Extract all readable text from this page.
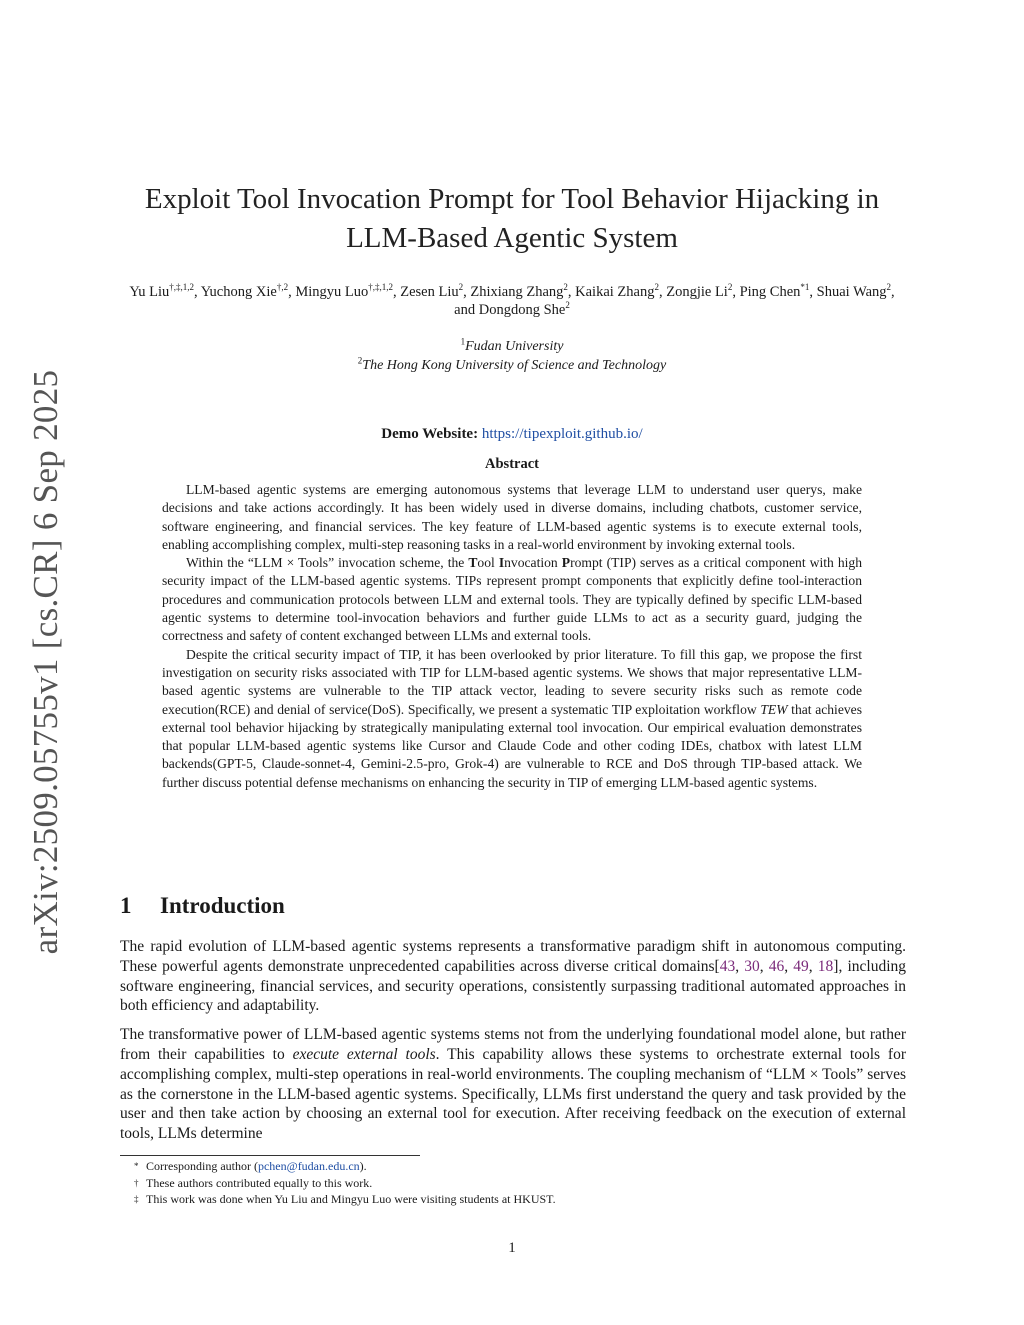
arXiv:2509.05755v1 [cs.CR] 6 Sep 2025
Exploit Tool Invocation Prompt for Tool Behavior Hijacking in
LLM-Based Agentic System
Yu Liu$^{\dagger,\ddagger,1,2}$, Yuchong Xie$^{\dagger,2}$, Mingyu Luo$^{\dagger,\ddagger,1,2}$, Zesen Liu$^2$, Zhixiang Zhang$^2$, Kaikai Zhang$^2$, Zongjie Li$^2$, Ping Chen$^{*1}$, Shuai Wang$^2$, and Dongdong She$^2$
$^1$Fudan University
$^2$The Hong Kong University of Science and Technology
Demo Website: https://tipexploit.github.io/
Abstract

LLM-based agentic systems are emerging autonomous systems that leverage LLM to understand user querys, make decisions and take actions accordingly. It has been widely used in diverse domains, including chatbots, customer service, software engineering, and financial services. The key feature of LLM-based agentic systems is to execute external tools, enabling accomplishing complex, multi-step reasoning tasks in a real-world environment by invoking external tools.

Within the “LLM × Tools” invocation scheme, the Tool Invocation Prompt (TIP) serves as a critical component with high security impact of the LLM-based agentic systems. TIPs represent prompt components that explicitly define tool-interaction procedures and communication protocols between LLM and external tools. They are typically defined by specific LLM-based agentic systems to determine tool-invocation behaviors and further guide LLMs to act as a security guard, judging the correctness and safety of content exchanged between LLMs and external tools.

Despite the critical security impact of TIP, it has been overlooked by prior literature. To fill this gap, we propose the first investigation on security risks associated with TIP for LLM-based agentic systems. We shows that major representative LLM-based agentic systems are vulnerable to the TIP attack vector, leading to severe security risks such as remote code execution(RCE) and denial of service(DoS). Specifically, we present a systematic TIP exploitation workflow TEW that achieves external tool behavior hijacking by strategically manipulating external tool invocation. Our empirical evaluation demonstrates that popular LLM-based agentic systems like Cursor and Claude Code and other coding IDEs, chatbox with latest LLM backends(GPT-5, Claude-sonnet-4, Gemini-2.5-pro, Grok-4) are vulnerable to RCE and DoS through TIP-based attack. We further discuss potential defense mechanisms on enhancing the security in TIP of emerging LLM-based agentic systems.

1 Introduction

The rapid evolution of LLM-based agentic systems represents a transformative paradigm shift in autonomous computing. These powerful agents demonstrate unprecedented capabilities across diverse critical domains[43, 30, 46, 49, 18], including software engineering, financial services, and security operations, consistently surpassing traditional automated approaches in both efficiency and adaptability.

The transformative power of LLM-based agentic systems stems not from the underlying foundational model alone, but rather from their capabilities to execute external tools. This capability allows these systems to orchestrate external tools for accomplishing complex, multi-step operations in real-world environments. The coupling mechanism of “LLM × Tools” serves as the cornerstone in the LLM-based agentic systems. Specifically, LLMs first understand the query and task provided by the user and then take action by choosing an external tool for execution. After receiving feedback on the execution of external tools, LLMs determine

* Corresponding author (pchen@fudan.edu.cn).
† These authors contributed equally to this work.
‡ This work was done when Yu Liu and Mingyu Luo were visiting students at HKUST.
1
